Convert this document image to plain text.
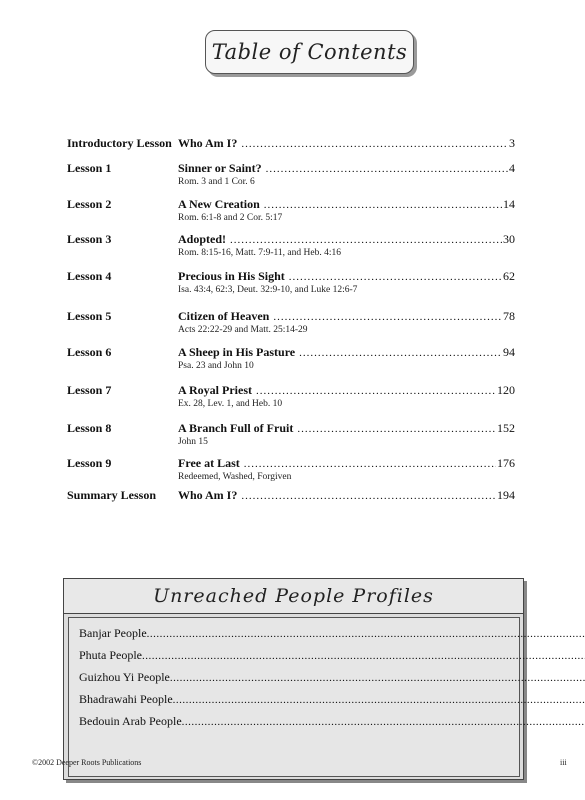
Table of Contents
Introductory Lesson Who Am I? .....	3
Lesson 1	Sinner or Saint? .....	4
Rom. 3 and 1 Cor. 6
Lesson 2	A New Creation .....	14
Rom. 6:1-8 and 2 Cor. 5:17
Lesson 3	Adopted! .....	30
Rom. 8:15-16, Matt. 7:9-11, and Heb. 4:16
Lesson 4	Precious in His Sight .....	62
Isa. 43:4, 62:3, Deut. 32:9-10, and Luke 12:6-7
Lesson 5	Citizen of Heaven .....	78
Acts 22:22-29 and Matt. 25:14-29
Lesson 6	A Sheep in His Pasture .....	94
Psa. 23 and John 10
Lesson 7	A Royal Priest .....	120
Ex. 28, Lev. 1, and Heb. 10
Lesson 8	A Branch Full of Fruit .....	152
John 15
Lesson 9	Free at Last .....	176
Redeemed, Washed, Forgiven
Summary Lesson	Who Am I? .....	194
Unreached People Profiles
Banjar People
.....
Phuta People
.....
Guizhou Yi People
.....
Bhadrawahi People
.....
Bedouin Arab People
.....
©2002 Deeper Roots Publications	iii
